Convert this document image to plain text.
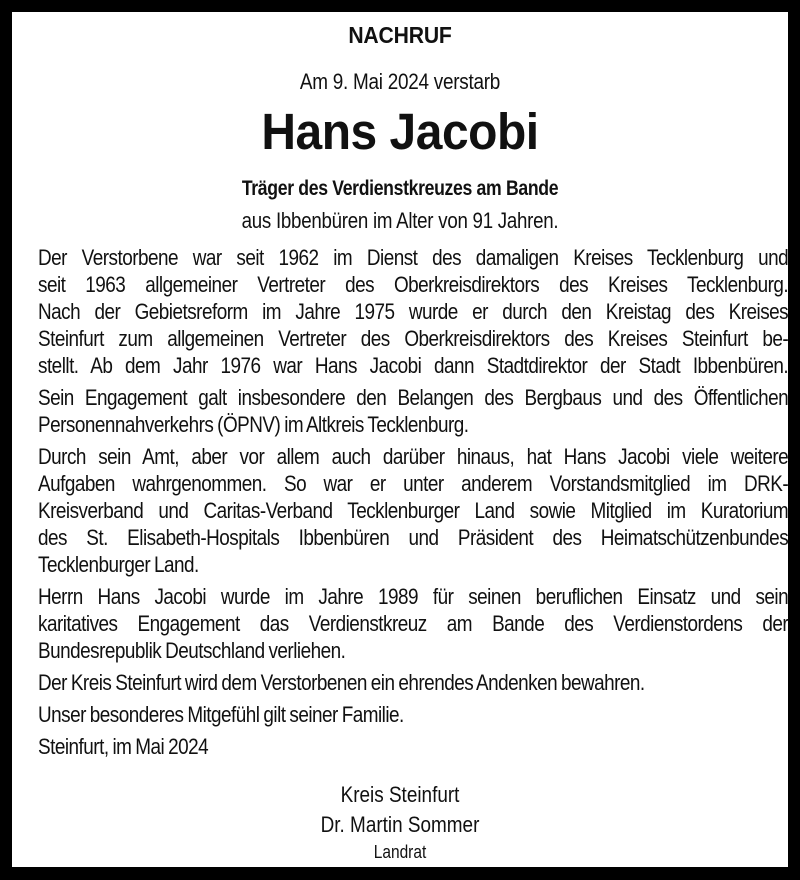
NACHRUF
Am 9. Mai 2024 verstarb
Hans Jacobi
Träger des Verdienstkreuzes am Bande
aus Ibbenbüren im Alter von 91 Jahren.
Der Verstorbene war seit 1962 im Dienst des damaligen Kreises Tecklenburg und
seit 1963 allgemeiner Vertreter des Oberkreisdirektors des Kreises Tecklenburg.
Nach der Gebietsreform im Jahre 1975 wurde er durch den Kreistag des Kreises
Steinfurt zum allgemeinen Vertreter des Oberkreisdirektors des Kreises Steinfurt be-
stellt. Ab dem Jahr 1976 war Hans Jacobi dann Stadtdirektor der Stadt Ibbenbüren.
Sein Engagement galt insbesondere den Belangen des Bergbaus und des Öffentlichen
Personennahverkehrs (ÖPNV) im Altkreis Tecklenburg.
Durch sein Amt, aber vor allem auch darüber hinaus, hat Hans Jacobi viele weitere
Aufgaben wahrgenommen. So war er unter anderem Vorstandsmitglied im DRK-
Kreisverband und Caritas-Verband Tecklenburger Land sowie Mitglied im Kuratorium
des St. Elisabeth-Hospitals Ibbenbüren und Präsident des Heimatschützenbundes
Tecklenburger Land.
Herrn Hans Jacobi wurde im Jahre 1989 für seinen beruflichen Einsatz und sein
karitatives Engagement das Verdienstkreuz am Bande des Verdienstordens der
Bundesrepublik Deutschland verliehen.
Der Kreis Steinfurt wird dem Verstorbenen ein ehrendes Andenken bewahren.
Unser besonderes Mitgefühl gilt seiner Familie.
Steinfurt, im Mai 2024
Kreis Steinfurt
Dr. Martin Sommer
Landrat
